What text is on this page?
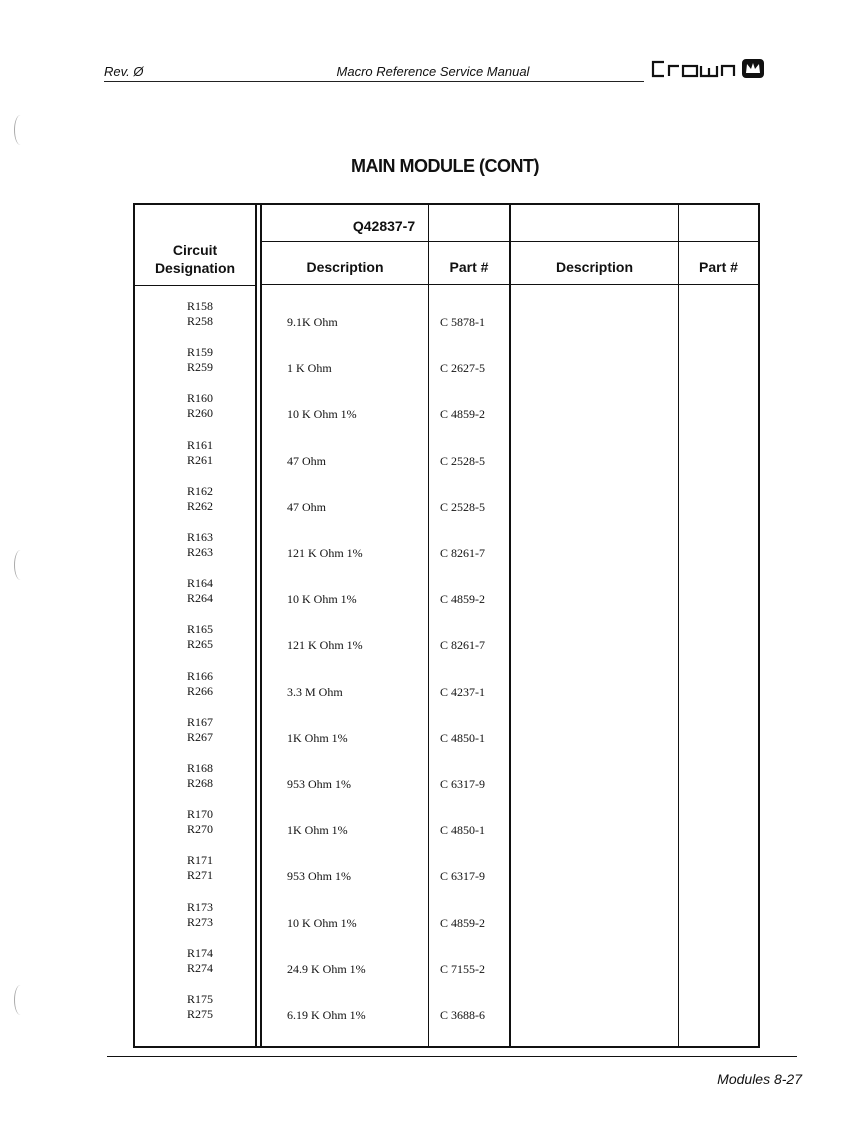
Rev. Ø	Macro Reference Service Manual
MAIN MODULE (CONT)
Circuit Designation
Q42837-7
Description	Part #	Description	Part #
R158
R258	9.1K Ohm	C 5878-1
R159
R259	1 K Ohm	C 2627-5
R160
R260	10 K Ohm 1%	C 4859-2
R161
R261	47 Ohm	C 2528-5
R162
R262	47 Ohm	C 2528-5
R163
R263	121 K Ohm 1%	C 8261-7
R164
R264	10 K Ohm 1%	C 4859-2
R165
R265	121 K Ohm 1%	C 8261-7
R166
R266	3.3 M Ohm	C 4237-1
R167
R267	1K Ohm 1%	C 4850-1
R168
R268	953 Ohm 1%	C 6317-9
R170
R270	1K Ohm 1%	C 4850-1
R171
R271	953 Ohm 1%	C 6317-9
R173
R273	10 K Ohm 1%	C 4859-2
R174
R274	24.9 K Ohm 1%	C 7155-2
R175
R275	6.19 K Ohm 1%	C 3688-6
Modules 8-27
